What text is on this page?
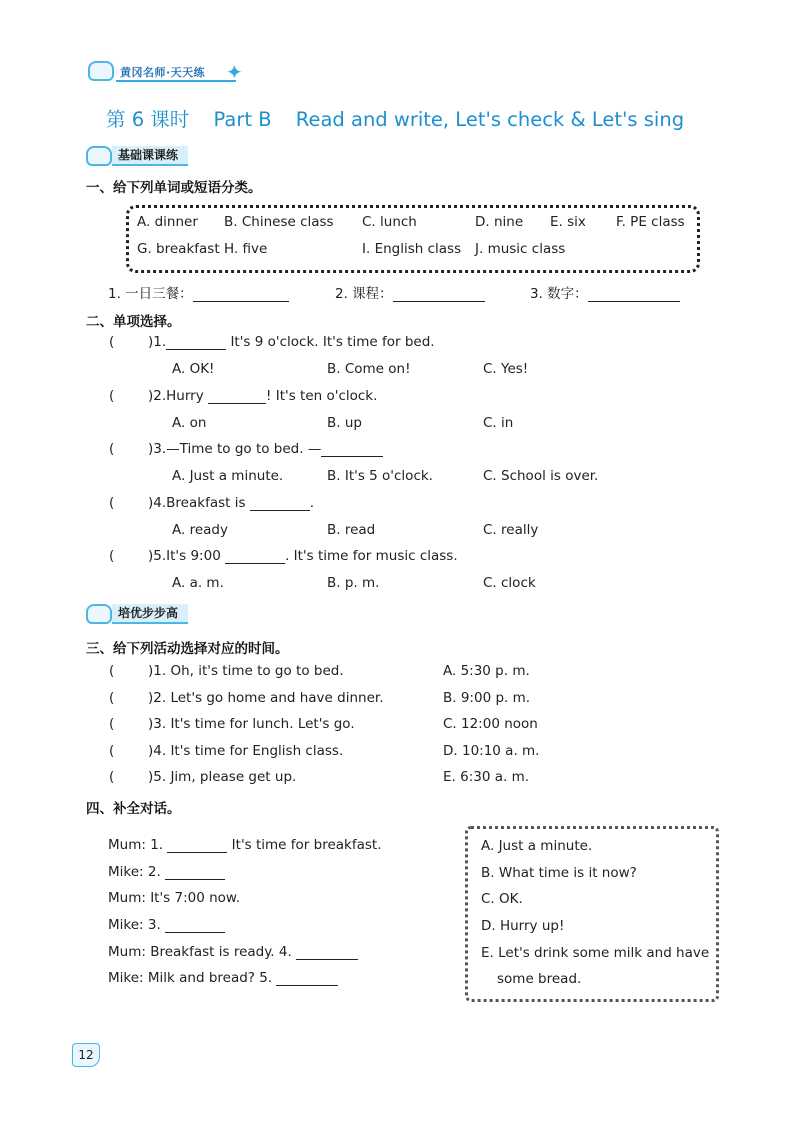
黄冈名师·天天练 ✦
第 6 课时 Part B Read and write, Let's check & Let's sing
基础课课练
一、给下列单词或短语分类。
A. dinner B. Chinese class C. lunch	D. nine E. six F. PE class
G. breakfast H. five	I. English class J. music class
1. 一日三餐：	2. 课程：	3. 数字：
二、单项选择。
( )1.	It's 9 o'clock. It's time for bed.
A. OK!	B. Come on!	C. Yes!
( )2.Hurry	! It's ten o'clock.
A. on	B. up	C. in
( )3.—Time to go to bed. —
A. Just a minute.	B. It's 5 o'clock.	C. School is over.
( )4.Breakfast is	.
A. ready	B. read	C. really
( )5.It's 9:00	. It's time for music class.
A. a. m.	B. p. m.	C. clock
培优步步高
三、给下列活动选择对应的时间。
( )1. Oh, it's time to go to bed.	A. 5:30 p. m.
( )2. Let's go home and have dinner.	B. 9:00 p. m.
( )3. It's time for lunch. Let's go.	C. 12:00 noon
( )4. It's time for English class.	D. 10:10 a. m.
( )5. Jim, please get up.	E. 6:30 a. m.
四、补全对话。
Mum: 1.	It's time for breakfast.
Mike: 2.
Mum: It's 7:00 now.
Mike: 3.
Mum: Breakfast is ready. 4.
Mike: Milk and bread? 5.
A. Just a minute.
B. What time is it now?
C. OK.
D. Hurry up!
E. Let's drink some milk and have
some bread.
12
